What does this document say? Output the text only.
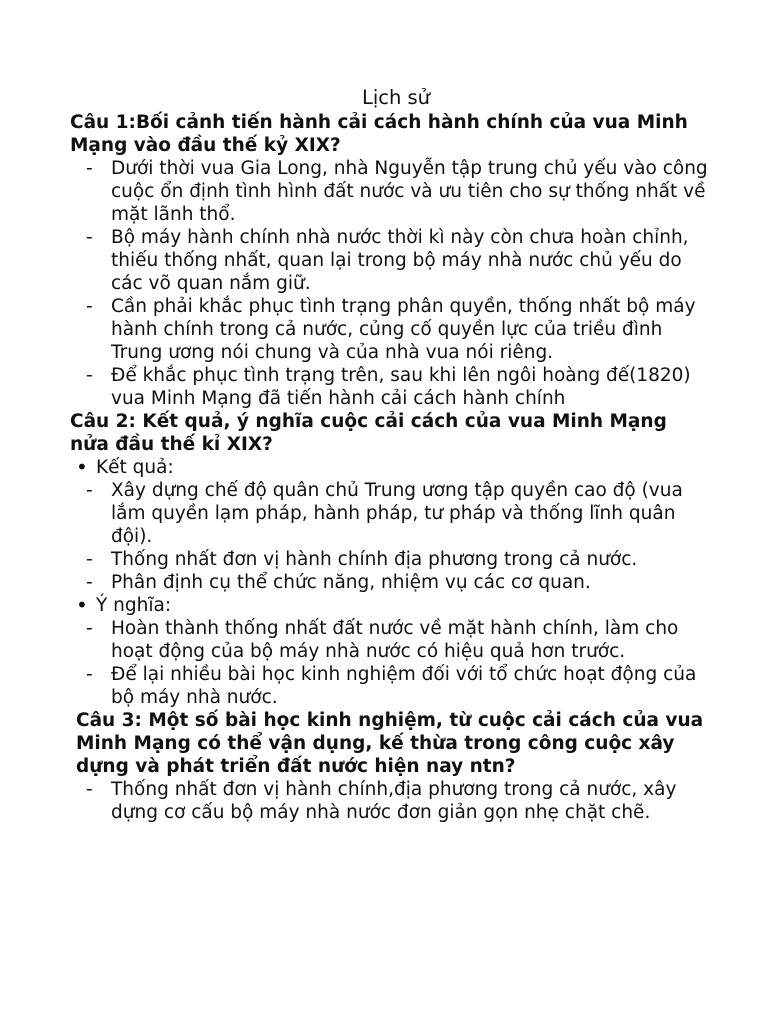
Lịch sử
Câu 1:Bối cảnh tiến hành cải cách hành chính của vua Minh Mạng vào đầu thế kỷ XIX?
- Dưới thời vua Gia Long, nhà Nguyễn tập trung chủ yếu vào công cuộc ổn định tình hình đất nước và ưu tiên cho sự thống nhất về mặt lãnh thổ.
- Bộ máy hành chính nhà nước thời kì này còn chưa hoàn chỉnh, thiếu thống nhất, quan lại trong bộ máy nhà nước chủ yếu do các võ quan nắm giữ.
- Cần phải khắc phục tình trạng phân quyền, thống nhất bộ máy hành chính trong cả nước, củng cố quyền lực của triều đình Trung ương nói chung và của nhà vua nói riêng.
- Để khắc phục tình trạng trên, sau khi lên ngôi hoàng đế(1820) vua Minh Mạng đã tiến hành cải cách hành chính
Câu 2: Kết quả, ý nghĩa cuộc cải cách của vua Minh Mạng nửa đầu thế kỉ XIX?
• Kết quả:
- Xây dựng chế độ quân chủ Trung ương tập quyền cao độ (vua lắm quyền lạm pháp, hành pháp, tư pháp và thống lĩnh quân đội).
- Thống nhất đơn vị hành chính địa phương trong cả nước.
- Phân định cụ thể chức năng, nhiệm vụ các cơ quan.
• Ý nghĩa:
- Hoàn thành thống nhất đất nước về mặt hành chính, làm cho hoạt động của bộ máy nhà nước có hiệu quả hơn trước.
- Để lại nhiều bài học kinh nghiệm đối với tổ chức hoạt động của bộ máy nhà nước.
Câu 3: Một số bài học kinh nghiệm, từ cuộc cải cách của vua Minh Mạng có thể vận dụng, kế thừa trong công cuộc xây dựng và phát triển đất nước hiện nay ntn?
- Thống nhất đơn vị hành chính,địa phương trong cả nước, xây dựng cơ cấu bộ máy nhà nước đơn giản gọn nhẹ chặt chẽ.
